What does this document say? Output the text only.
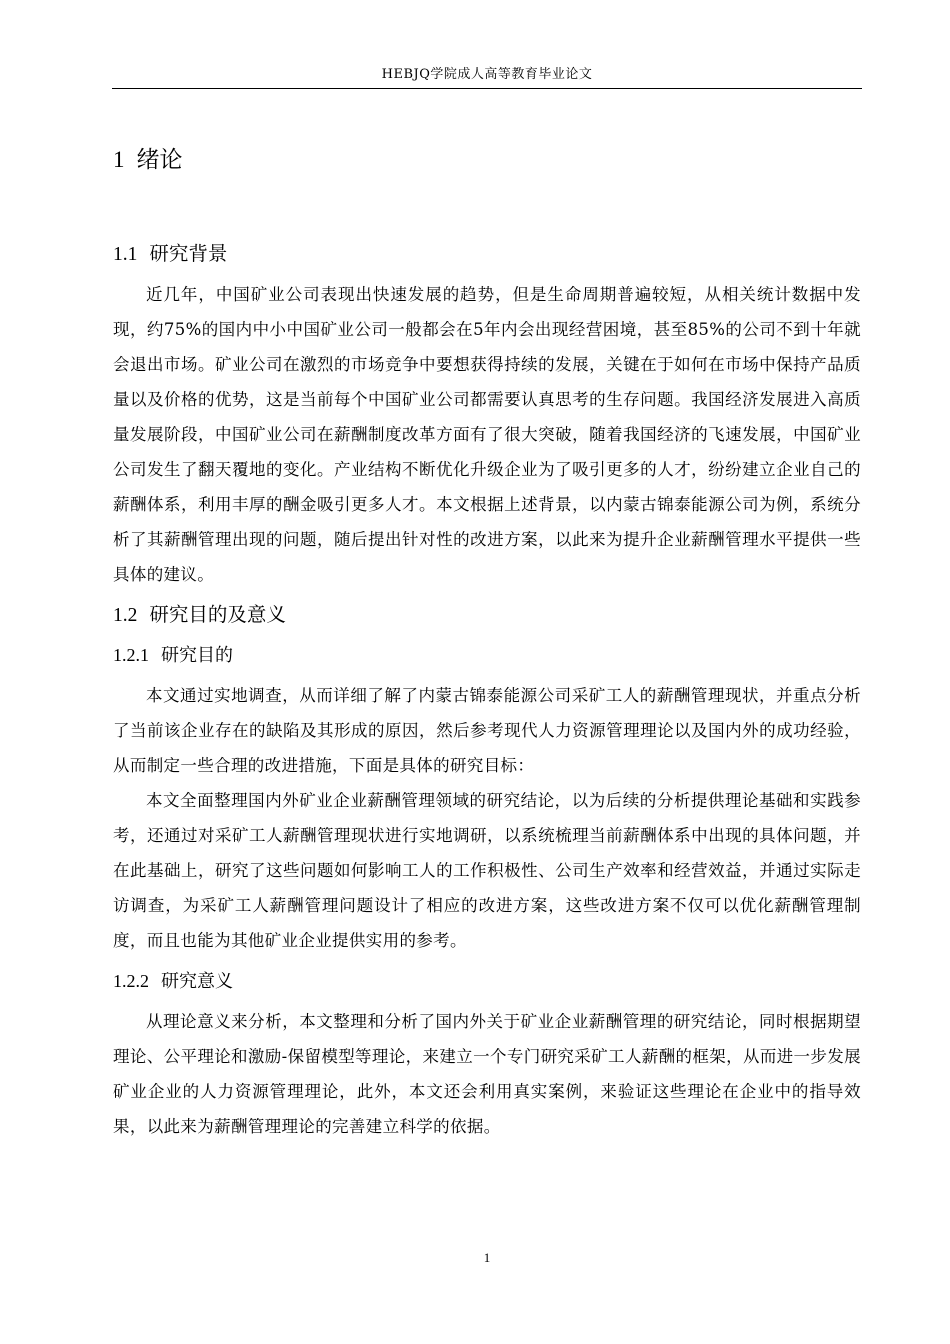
HEBJQ学院成人高等教育毕业论文
1 绪论
1.1 研究背景

近几年，中国矿业公司表现出快速发展的趋势，但是生命周期普遍较短，从相关统计数据中发现，约75%的国内中小中国矿业公司一般都会在5年内会出现经营困境，甚至85%的公司不到十年就会退出市场。矿业公司在激烈的市场竞争中要想获得持续的发展，关键在于如何在市场中保持产品质量以及价格的优势，这是当前每个中国矿业公司都需要认真思考的生存问题。我国经济发展进入高质量发展阶段，中国矿业公司在薪酬制度改革方面有了很大突破，随着我国经济的飞速发展，中国矿业公司发生了翻天覆地的变化。产业结构不断优化升级企业为了吸引更多的人才，纷纷建立企业自己的薪酬体系，利用丰厚的酬金吸引更多人才。本文根据上述背景，以内蒙古锦泰能源公司为例，系统分析了其薪酬管理出现的问题，随后提出针对性的改进方案，以此来为提升企业薪酬管理水平提供一些具体的建议。

1.2 研究目的及意义
1.2.1 研究目的

本文通过实地调查，从而详细了解了内蒙古锦泰能源公司采矿工人的薪酬管理现状，并重点分析了当前该企业存在的缺陷及其形成的原因，然后参考现代人力资源管理理论以及国内外的成功经验，从而制定一些合理的改进措施，下面是具体的研究目标：

本文全面整理国内外矿业企业薪酬管理领域的研究结论，以为后续的分析提供理论基础和实践参考，还通过对采矿工人薪酬管理现状进行实地调研，以系统梳理当前薪酬体系中出现的具体问题，并在此基础上，研究了这些问题如何影响工人的工作积极性、公司生产效率和经营效益，并通过实际走访调查，为采矿工人薪酬管理问题设计了相应的改进方案，这些改进方案不仅可以优化薪酬管理制度，而且也能为其他矿业企业提供实用的参考。

1.2.2 研究意义

从理论意义来分析，本文整理和分析了国内外关于矿业企业薪酬管理的研究结论，同时根据期望理论、公平理论和激励-保留模型等理论，来建立一个专门研究采矿工人薪酬的框架，从而进一步发展矿业企业的人力资源管理理论，此外，本文还会利用真实案例，来验证这些理论在企业中的指导效果，以此来为薪酬管理理论的完善建立科学的依据。

1
